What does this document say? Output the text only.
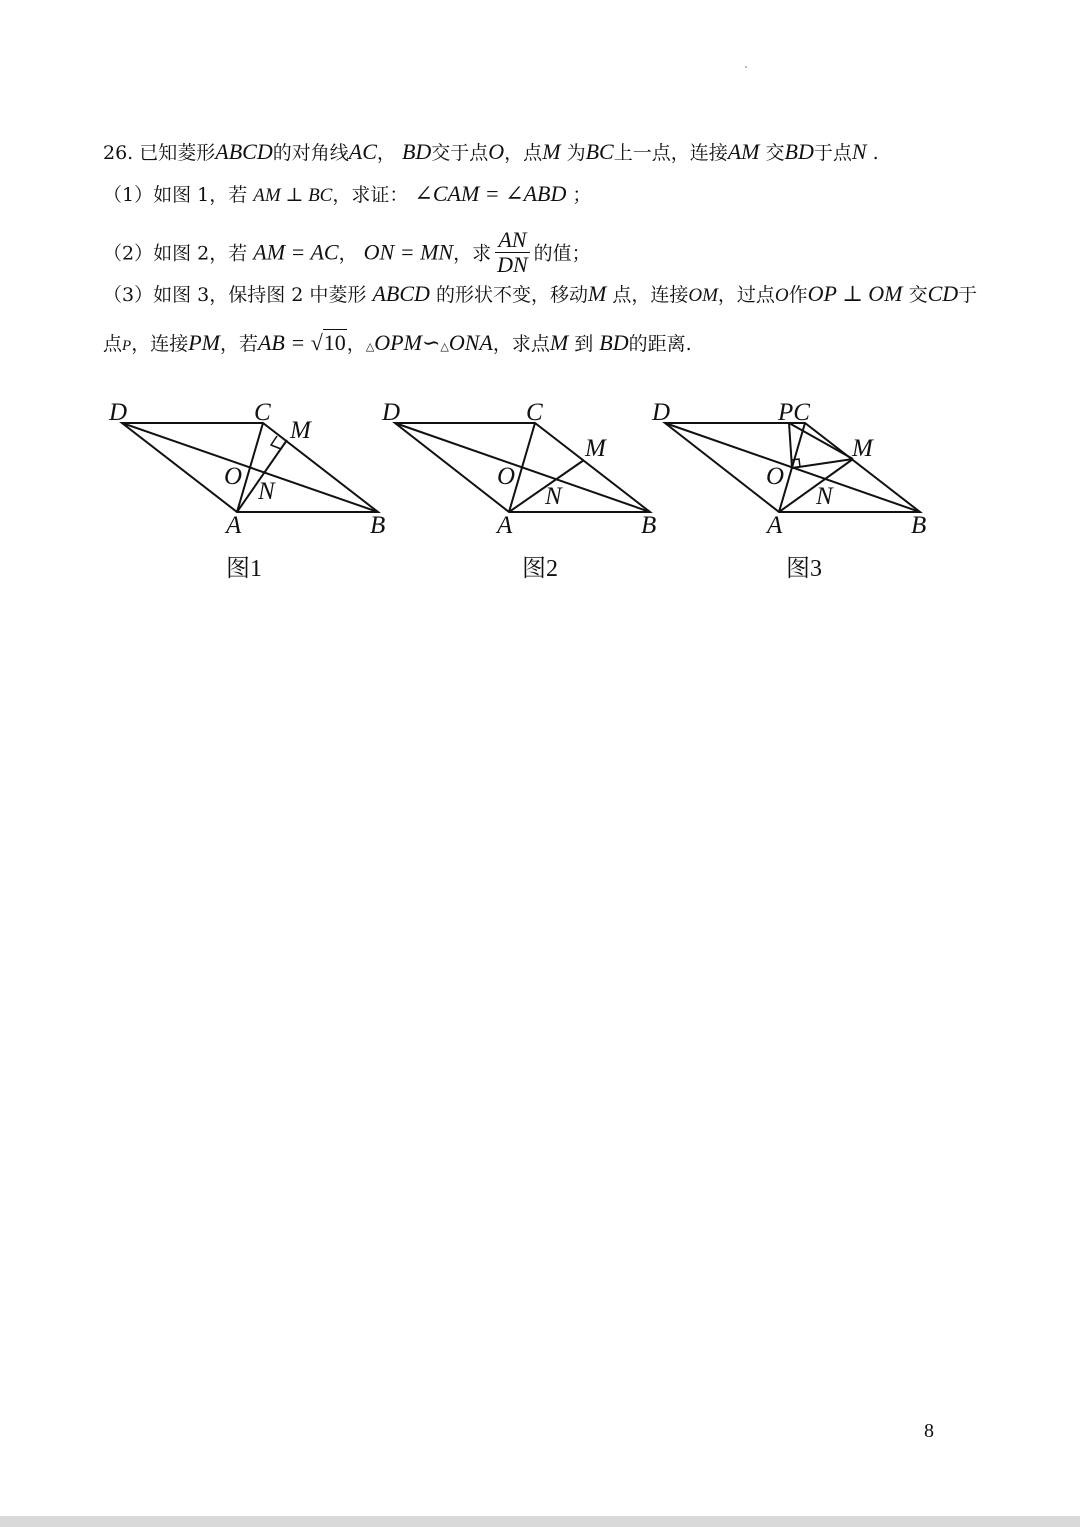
26. 已知菱形ABCD的对角线AC， BD交于点O，点M 为BC上一点，连接AM 交BD于点N .
（1）如图 1，若 AM ⊥ BC，求证： ∠CAM = ∠ABD ；
（2）如图 2，若 AM = AC， ON = MN，求 $\frac{AN}{DN}$ 的值；
（3）如图 3，保持图 2 中菱形 ABCD 的形状不变，移动M 点，连接OM，过点O作OP ⊥ OM 交CD于
点P，连接PM，若AB = √10，△OPM∽△ONA，求点M 到 BD的距离.
D	C
M
O
N
A	B
D	C
M
O
N
A	B
D	PC
M
O
N
A	B
图1	图2	图3
8
